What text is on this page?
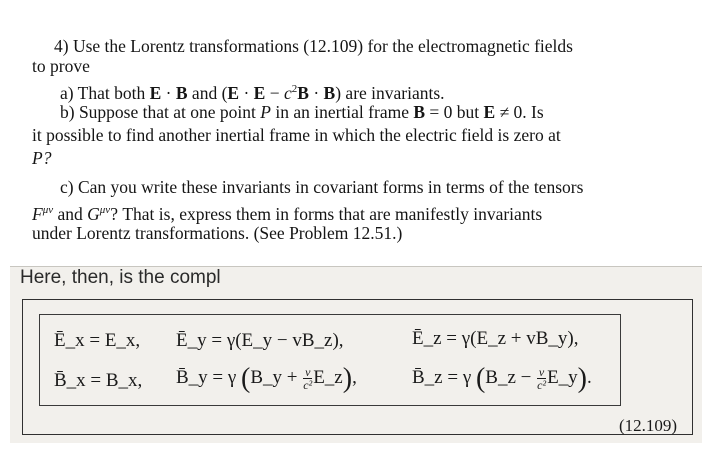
4) Use the Lorentz transformations (12.109) for the electromagnetic fields
to prove
a) That both E · B and $(E \cdot E - c^2B \cdot B)$ are invariants.
b) Suppose that at one point P in an inertial frame B = 0 but E ≠ 0. Is
it possible to find another inertial frame in which the electric field is zero at
P?
c) Can you write these invariants in covariant forms in terms of the tensors
$F^{\mu\nu}$ and $G^{\mu\nu}$? That is, express them in forms that are manifestly invariants
under Lorentz transformations. (See Problem 12.51.)
Here, then, is the compl
Ē_x = E_x, Ē_y = γ(E_y − vB_z),	Ē_z = γ(E_z + vB_y),
B̄_x = B_x, B̄_y = γ (B_y + $\frac{v}{\text{c²}}$ E_z),	B̄_z = γ (B_z − $\frac{v}{\text{c²}}$ E_y).
(12.109)
